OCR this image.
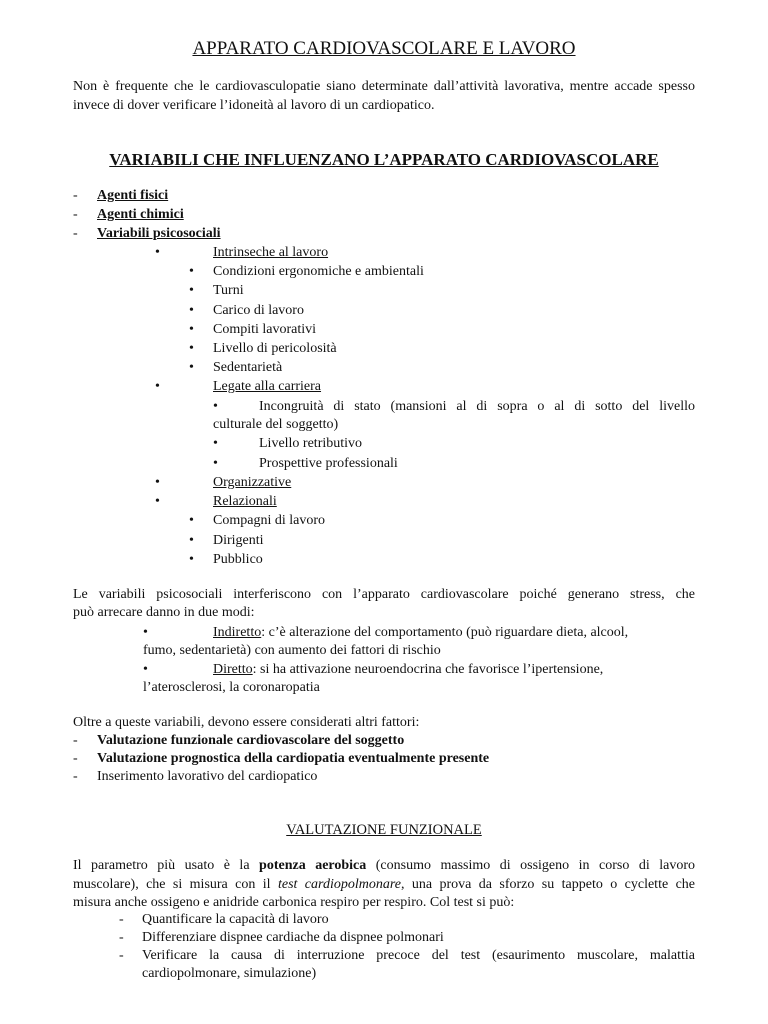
APPARATO CARDIOVASCOLARE E LAVORO
Non è frequente che le cardiovasculopatie siano determinate dall’attività lavorativa, mentre accade spesso invece di dover verificare l’idoneità al lavoro di un cardiopatico.
VARIABILI CHE INFLUENZANO L’APPARATO CARDIOVASCOLARE
- Agenti fisici
- Agenti chimici
- Variabili psicosociali
•	Intrinseche al lavoro
• Condizioni ergonomiche e ambientali
• Turni
• Carico di lavoro
• Compiti lavorativi
• Livello di pericolosità
• Sedentarietà
•	Legate alla carriera
•	Incongruità di stato (mansioni al di sopra o al di sotto del livello
culturale del soggetto)
•	Livello retributivo
•	Prospettive professionali
•	Organizzative
•	Relazionali
• Compagni di lavoro
• Dirigenti
• Pubblico
Le variabili psicosociali interferiscono con l’apparato cardiovascolare poiché generano stress, che
può arrecare danno in due modi:
•	Indiretto: c’è alterazione del comportamento (può riguardare dieta, alcool,
fumo, sedentarietà) con aumento dei fattori di rischio
•	Diretto: si ha attivazione neuroendocrina che favorisce l’ipertensione,
l’aterosclerosi, la coronaropatia
Oltre a queste variabili, devono essere considerati altri fattori:
- Valutazione funzionale cardiovascolare del soggetto
- Valutazione prognostica della cardiopatia eventualmente presente
- Inserimento lavorativo del cardiopatico
VALUTAZIONE FUNZIONALE
Il parametro più usato è la potenza aerobica (consumo massimo di ossigeno in corso di lavoro
muscolare), che si misura con il test cardiopolmonare, una prova da sforzo su tappeto o cyclette che
misura anche ossigeno e anidride carbonica respiro per respiro. Col test si può:
- Quantificare la capacità di lavoro
- Differenziare dispnee cardiache da dispnee polmonari
- Verificare la causa di interruzione precoce del test (esaurimento muscolare, malattia
cardiopolmonare, simulazione)
